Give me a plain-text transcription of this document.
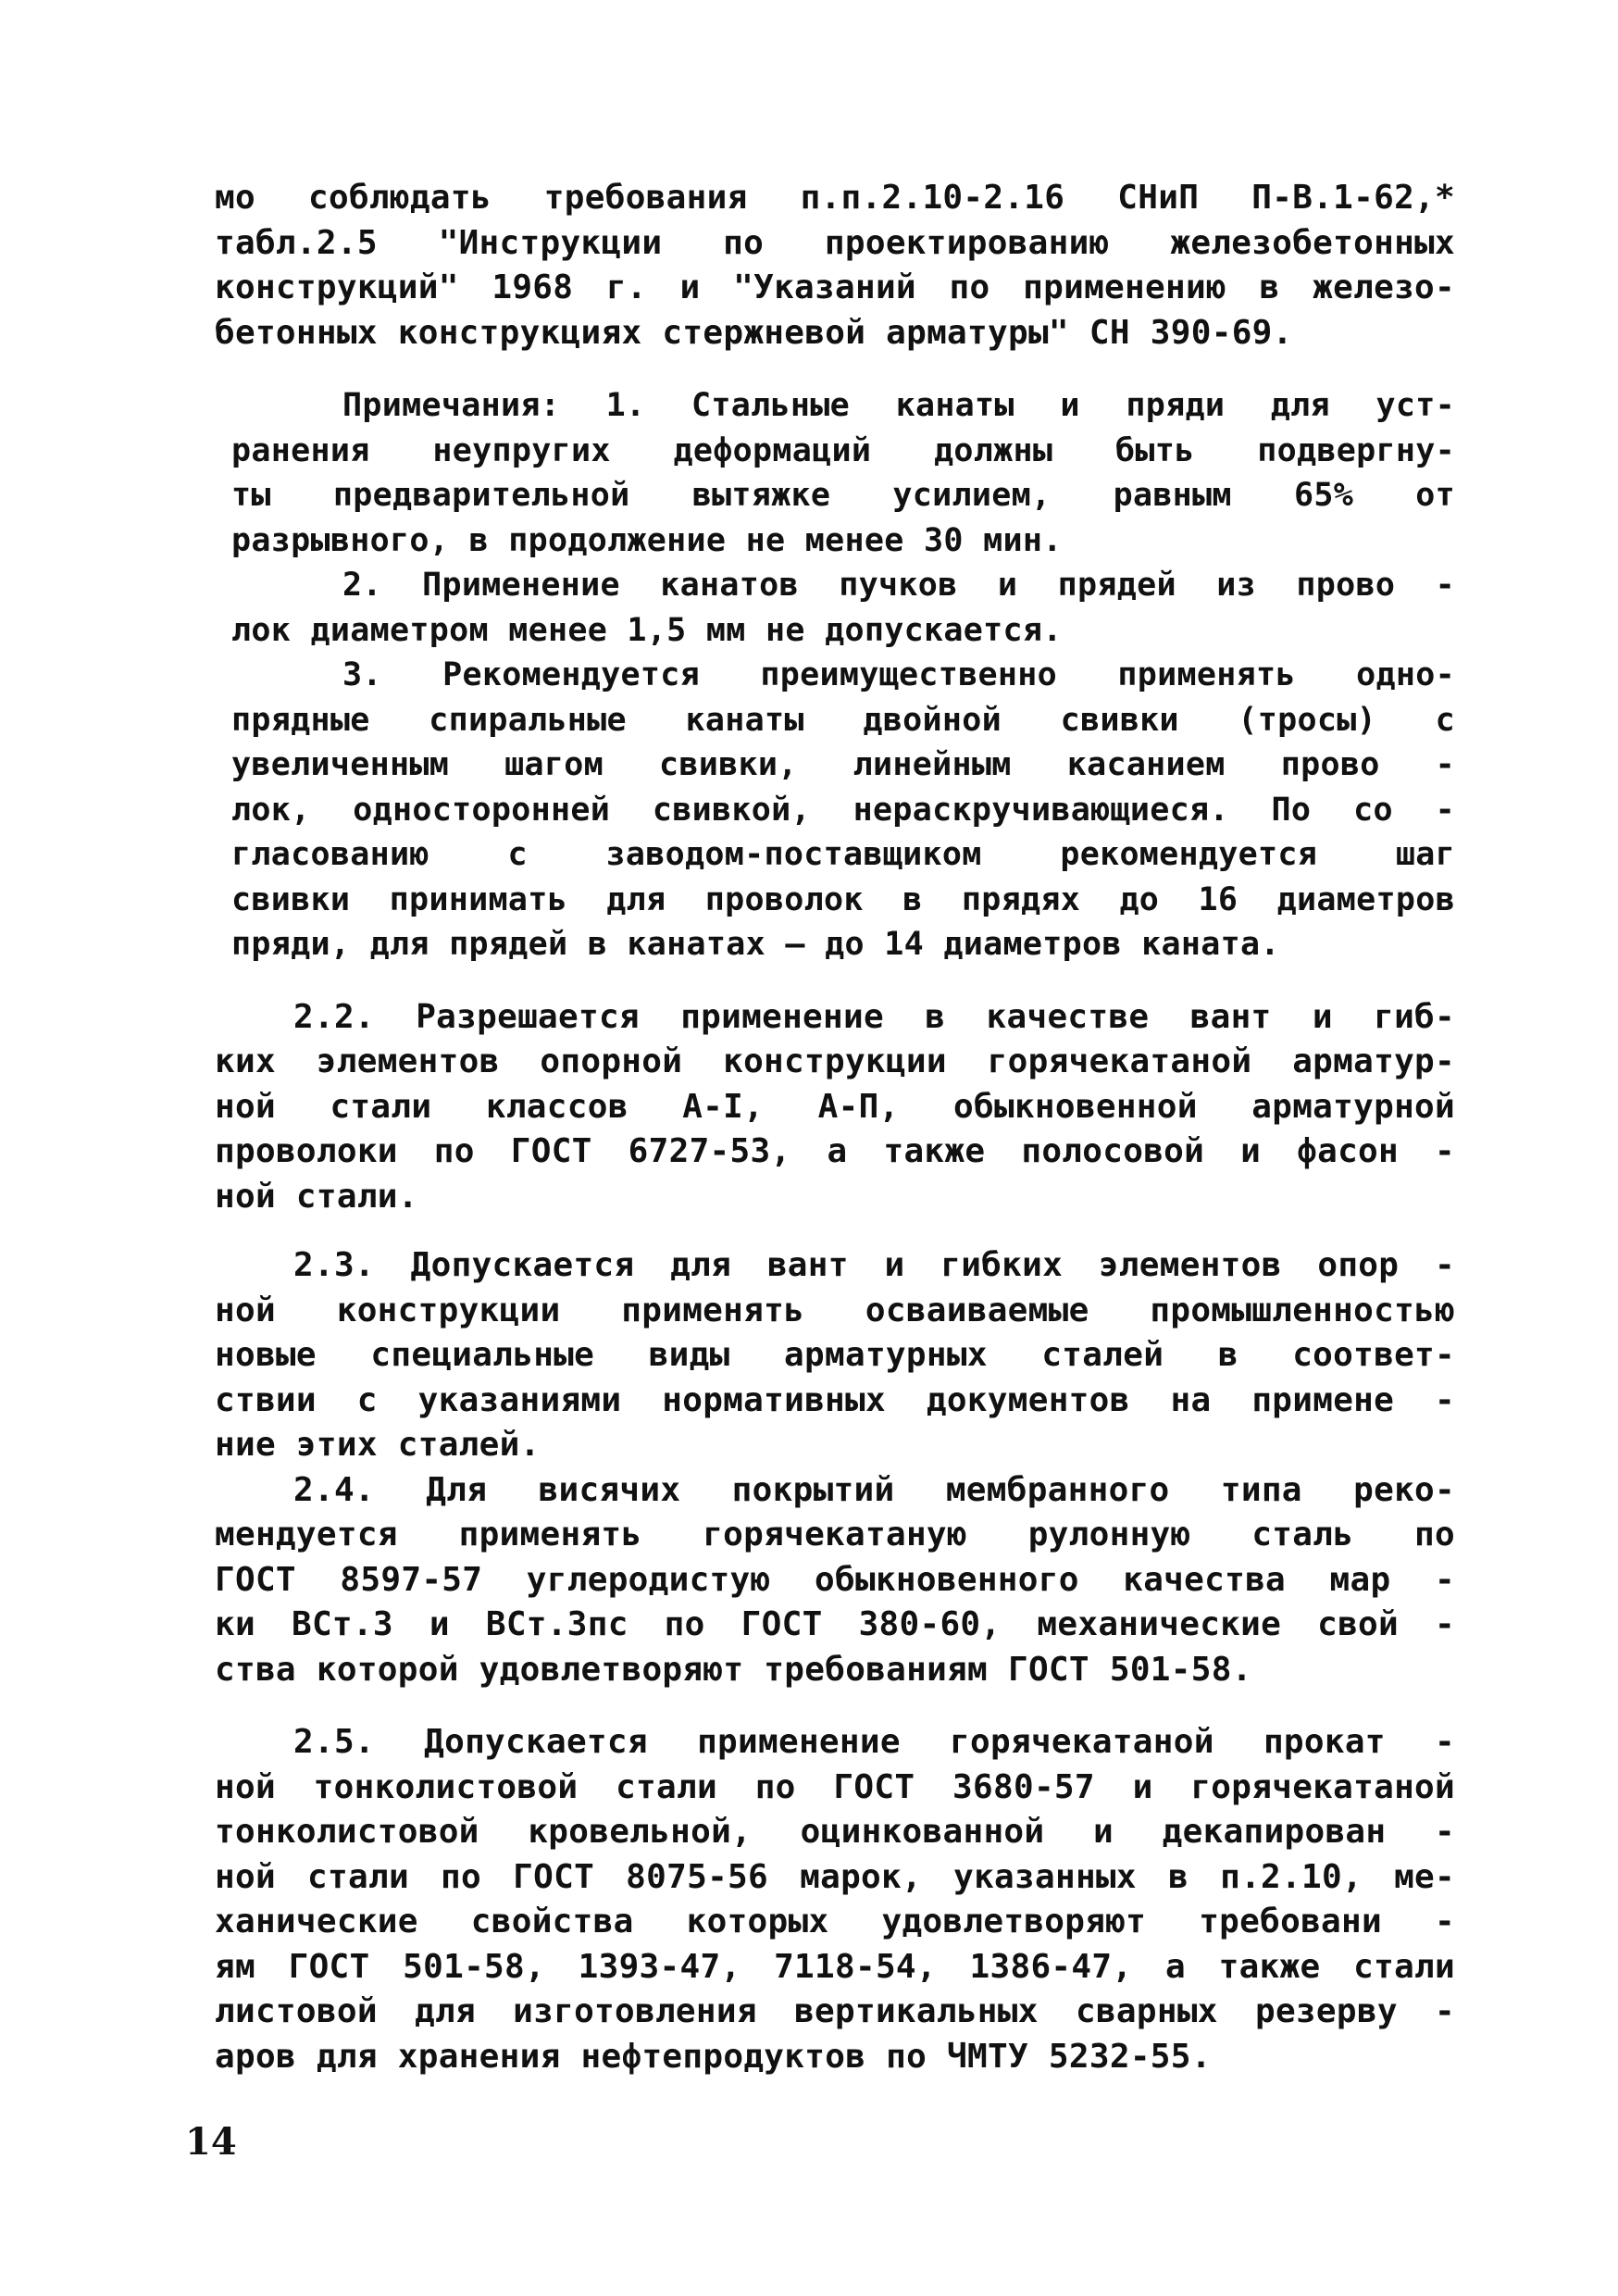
мо соблюдать требования п.п.2.10-2.16 СНиП П-В.1-62,*
табл.2.5 "Инструкции по проектированию железобетонных
конструкций" 1968 г. и "Указаний по применению в железо-
бетонных конструкциях стержневой арматуры" СН 390-69.
Примечания: 1. Стальные канаты и пряди для уст-
ранения неупругих деформаций должны быть подвергну-
ты предварительной вытяжке усилием, равным 65% от
разрывного, в продолжение не менее 30 мин.
2. Применение канатов пучков и прядей из прово -
лок диаметром менее 1,5 мм не допускается.
3. Рекомендуется преимущественно применять одно-
прядные спиральные канаты двойной свивки (тросы) с
увеличенным шагом свивки, линейным касанием прово -
лок, односторонней свивкой, нераскручивающиеся. По со -
гласованию с заводом-поставщиком рекомендуется шаг
свивки принимать для проволок в прядях до 16 диаметров
пряди, для прядей в канатах – до 14 диаметров каната.
2.2. Разрешается применение в качестве вант и гиб-
ких элементов опорной конструкции горячекатаной арматур-
ной стали классов А-I, А-П, обыкновенной арматурной
проволоки по ГОСТ 6727-53, а также полосовой и фасон -
ной стали.
2.3. Допускается для вант и гибких элементов опор -
ной конструкции применять осваиваемые промышленностью
новые специальные виды арматурных сталей в соответ-
ствии с указаниями нормативных документов на примене -
ние этих сталей.
2.4. Для висячих покрытий мембранного типа реко-
мендуется применять горячекатаную рулонную сталь по
ГОСТ 8597-57 углеродистую обыкновенного качества мар -
ки ВСт.3 и ВСт.3пс по ГОСТ 380-60, механические свой -
ства которой удовлетворяют требованиям ГОСТ 501-58.
2.5. Допускается применение горячекатаной прокат -
ной тонколистовой стали по ГОСТ 3680-57 и горячекатаной
тонколистовой кровельной, оцинкованной и декапирован -
ной стали по ГОСТ 8075-56 марок, указанных в п.2.10, ме-
ханические свойства которых удовлетворяют требовани -
ям ГОСТ 501-58, 1393-47, 7118-54, 1386-47, а также стали
листовой для изготовления вертикальных сварных резерву -
аров для хранения нефтепродуктов по ЧМТУ 5232-55.
14
